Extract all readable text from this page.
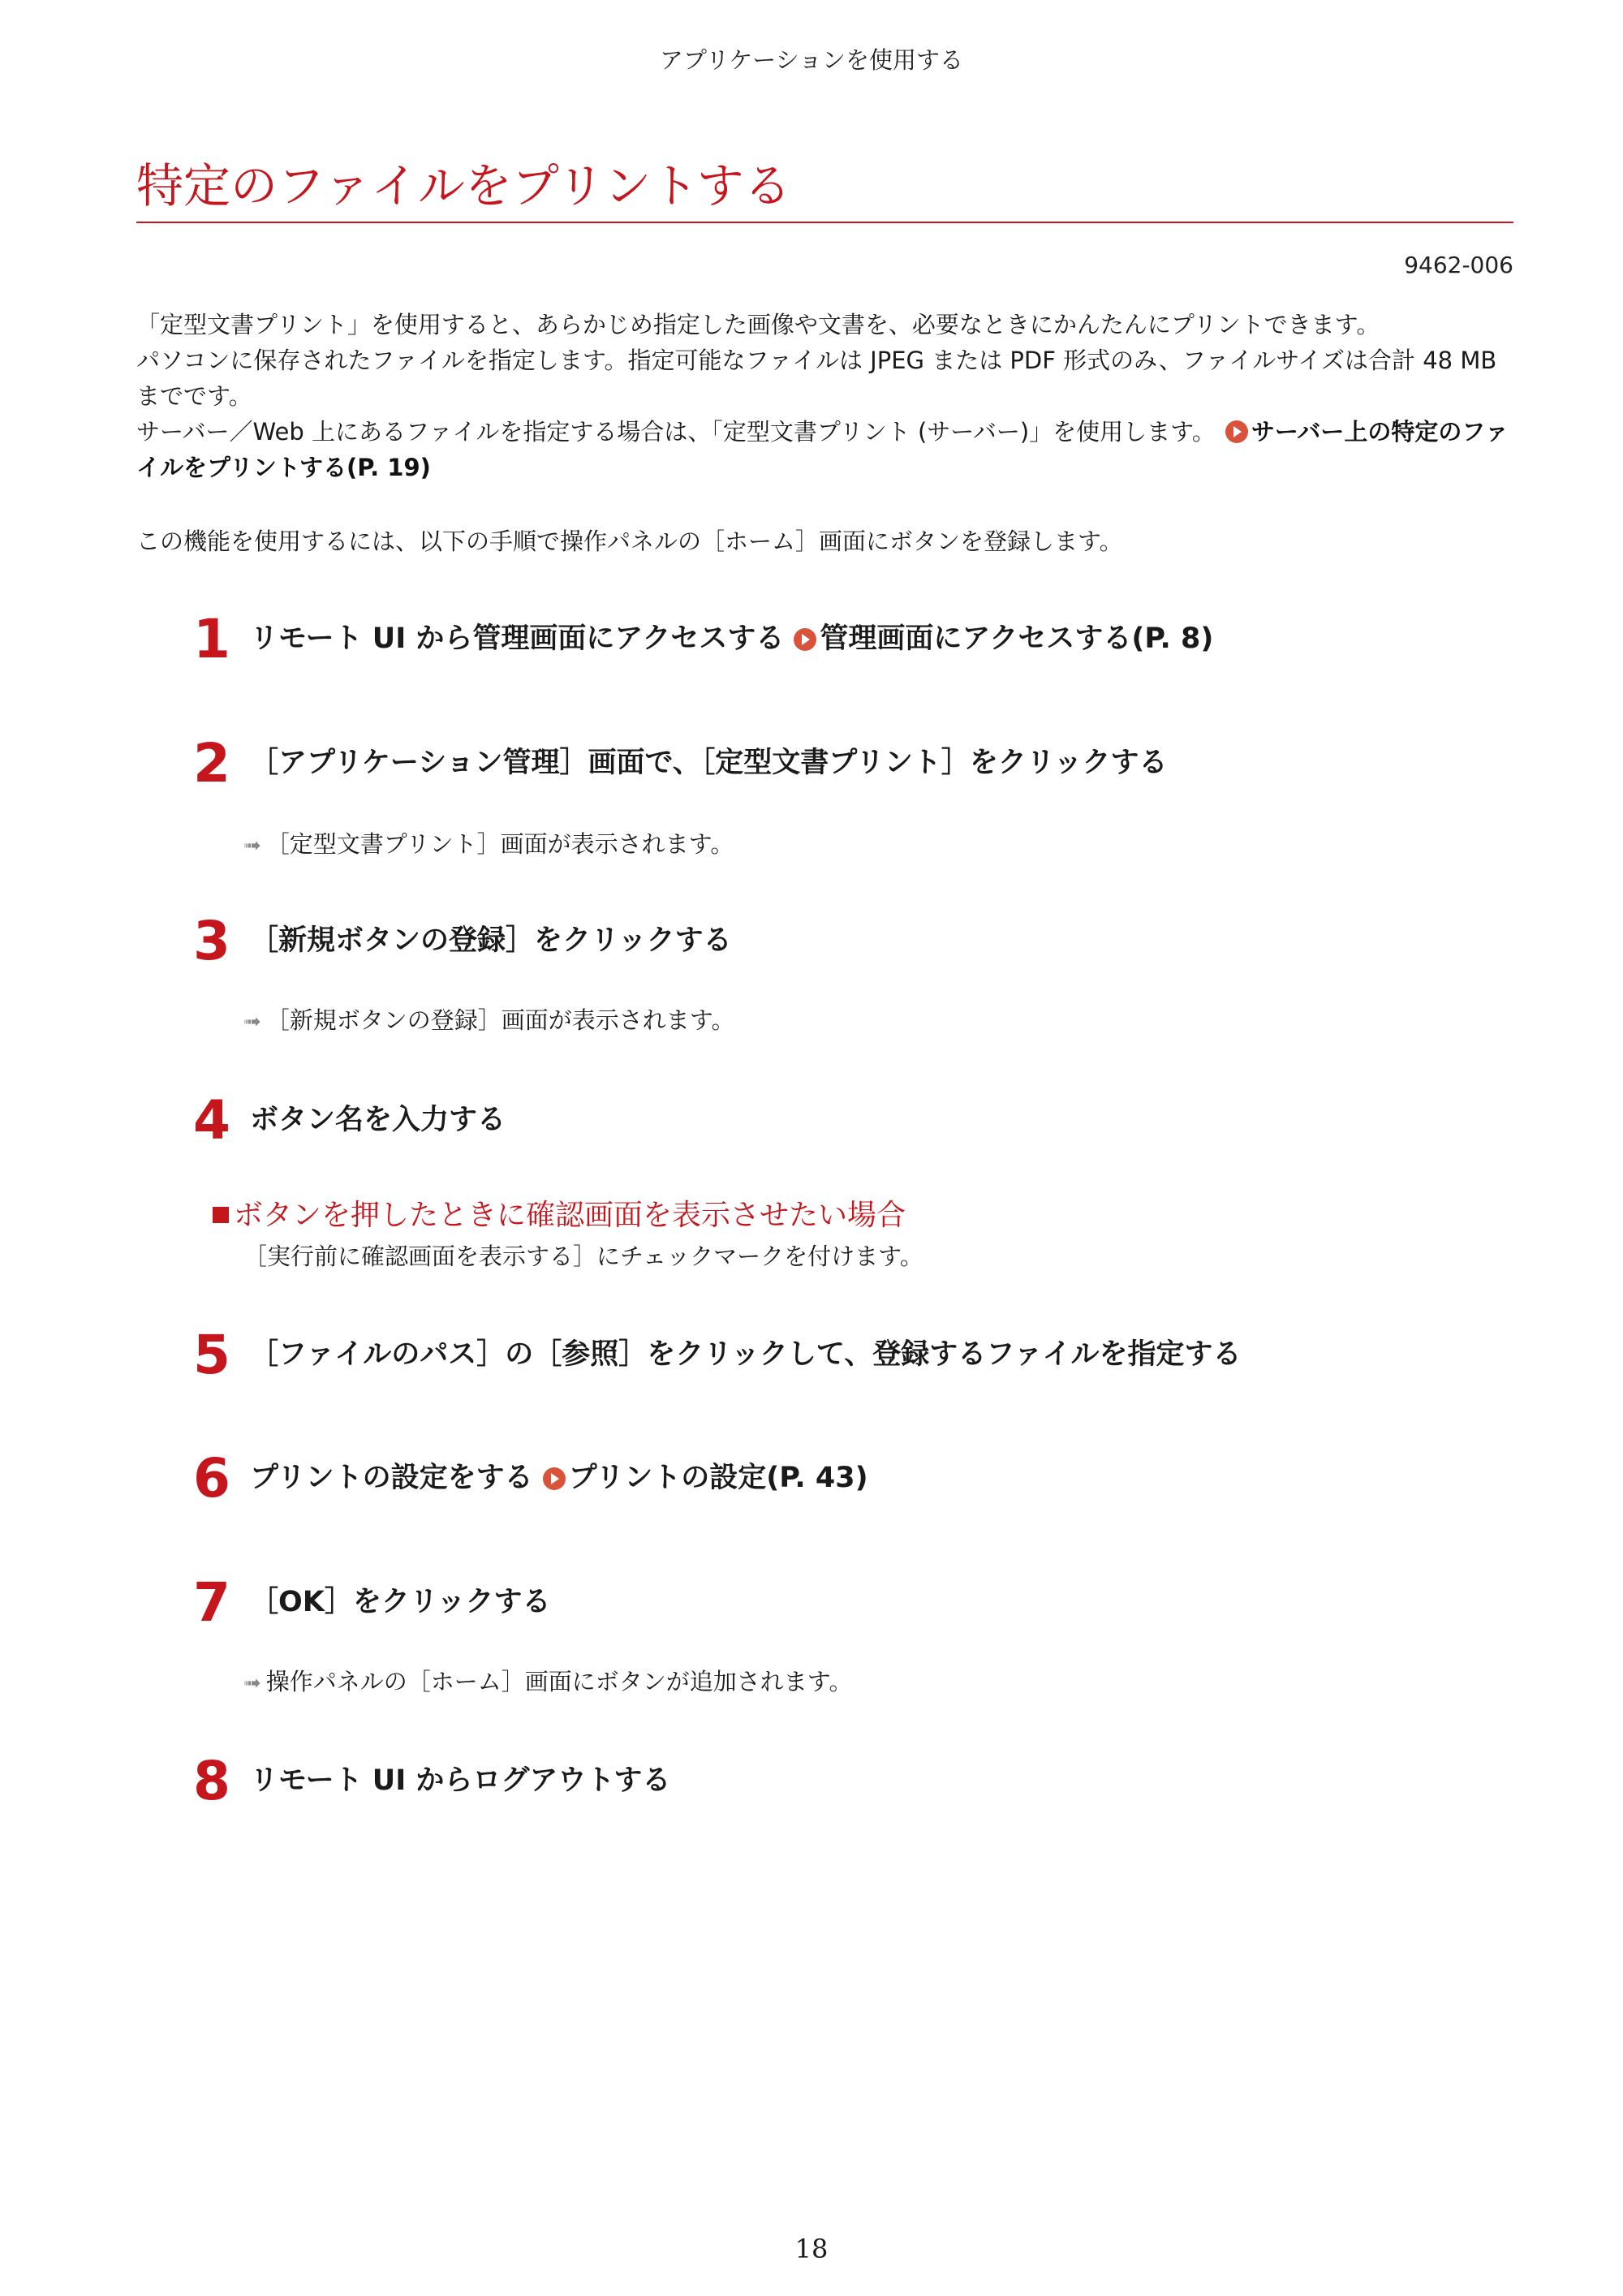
アプリケーションを使用する
特定のファイルをプリントする
9462-006

「定型文書プリント」を使用すると、あらかじめ指定した画像や文書を、必要なときにかんたんにプリントできます。

パソコンに保存されたファイルを指定します。指定可能なファイルは JPEG または PDF 形式のみ、ファイルサイズは合計 48 MB までです。

サーバー／Web 上にあるファイルを指定する場合は、「定型文書プリント (サーバー)」を使用します。 サーバー上の特定のファイルをプリントする(P. 19)

この機能を使用するには、以下の手順で操作パネルの［ホーム］画面にボタンを登録します。

1 リモート UI から管理画面にアクセスする 管理画面にアクセスする(P. 8)
2 ［アプリケーション管理］画面で、［定型文書プリント］をクリックする
➟ ［定型文書プリント］画面が表示されます。
3 ［新規ボタンの登録］をクリックする
➟ ［新規ボタンの登録］画面が表示されます。
4 ボタン名を入力する
ボタンを押したときに確認画面を表示させたい場合
［実行前に確認画面を表示する］にチェックマークを付けます。
5 ［ファイルのパス］の［参照］をクリックして、登録するファイルを指定する
6 プリントの設定をする プリントの設定(P. 43)
7 ［OK］をクリックする
➟ 操作パネルの［ホーム］画面にボタンが追加されます。
8 リモート UI からログアウトする
18
